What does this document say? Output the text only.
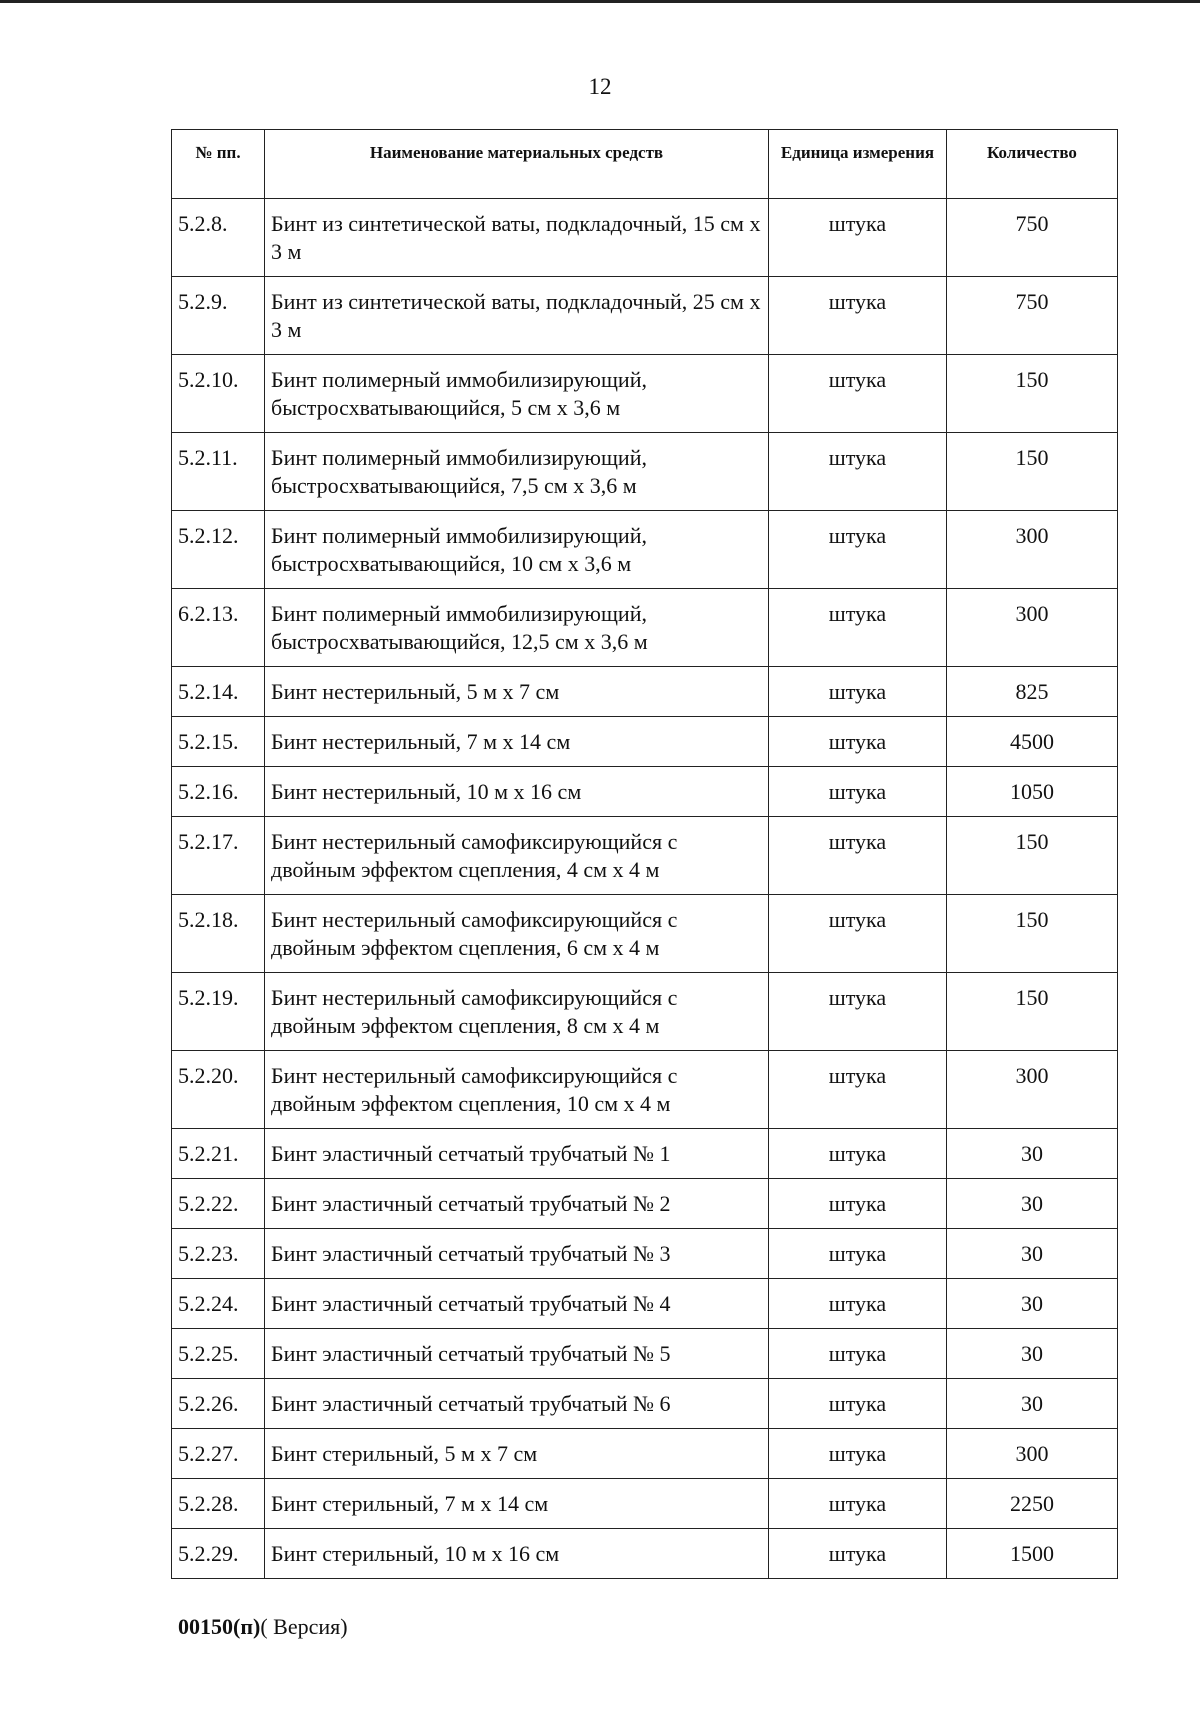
12
№ пп.	Наименование материальных средств	Единица измерения	Количество
5.2.8.	Бинт из синтетической ваты, подкладочный, 15 см х 3 м	штука	750
5.2.9.	Бинт из синтетической ваты, подкладочный, 25 см х 3 м	штука	750
5.2.10.	Бинт полимерный иммобилизирующий, быстросхватывающийся, 5 см х 3,6 м	штука	150
5.2.11.	Бинт полимерный иммобилизирующий, быстросхватывающийся, 7,5 см х 3,6 м	штука	150
5.2.12.	Бинт полимерный иммобилизирующий, быстросхватывающийся, 10 см х 3,6 м	штука	300
6.2.13.	Бинт полимерный иммобилизирующий, быстросхватывающийся, 12,5 см х 3,6 м	штука	300
5.2.14.	Бинт нестерильный, 5 м х 7 см	штука	825
5.2.15.	Бинт нестерильный, 7 м х 14 см	штука	4500
5.2.16.	Бинт нестерильный, 10 м х 16 см	штука	1050
5.2.17.	Бинт нестерильный самофиксирующийся с двойным эффектом сцепления, 4 см х 4 м	штука	150
5.2.18.	Бинт нестерильный самофиксирующийся с двойным эффектом сцепления, 6 см х 4 м	штука	150
5.2.19.	Бинт нестерильный самофиксирующийся с двойным эффектом сцепления, 8 см х 4 м	штука	150
5.2.20.	Бинт нестерильный самофиксирующийся с двойным эффектом сцепления, 10 см х 4 м	штука	300
5.2.21.	Бинт эластичный сетчатый трубчатый № 1	штука	30
5.2.22.	Бинт эластичный сетчатый трубчатый № 2	штука	30
5.2.23.	Бинт эластичный сетчатый трубчатый № 3	штука	30
5.2.24.	Бинт эластичный сетчатый трубчатый № 4	штука	30
5.2.25.	Бинт эластичный сетчатый трубчатый № 5	штука	30
5.2.26.	Бинт эластичный сетчатый трубчатый № 6	штука	30
5.2.27.	Бинт стерильный, 5 м х 7 см	штука	300
5.2.28.	Бинт стерильный, 7 м х 14 см	штука	2250
5.2.29.	Бинт стерильный, 10 м х 16 см	штука	1500
00150(п)( Версия)
